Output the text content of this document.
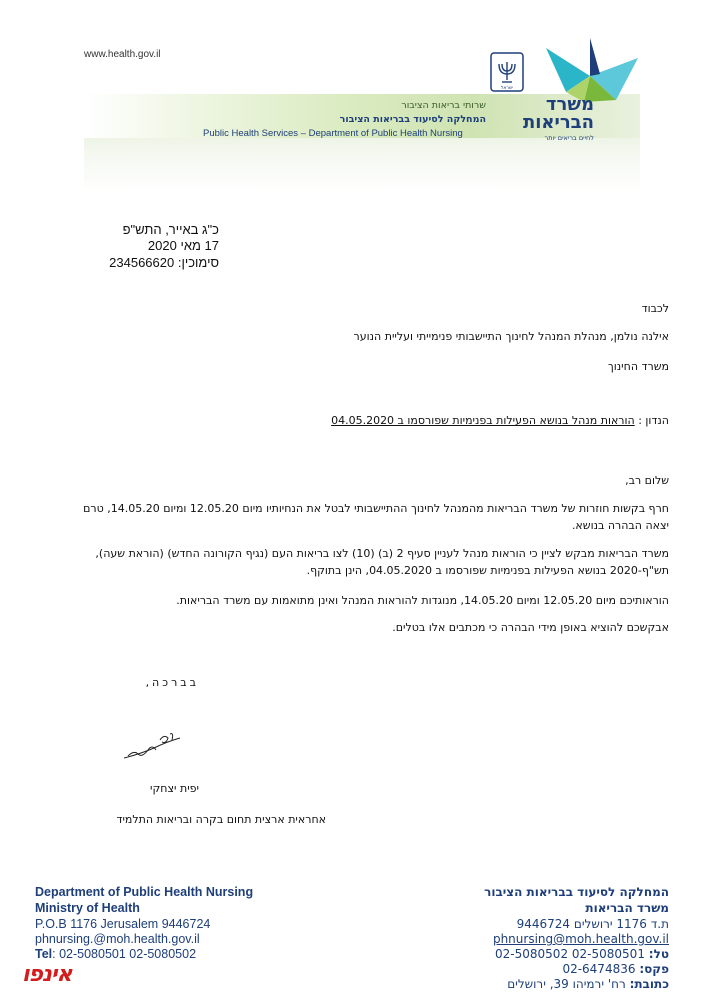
www.health.gov.il
שרותי בריאות הציבור
המחלקה לסיעוד בבריאות הציבור
Public Health Services – Department of Public Health Nursing
ישראל
משרד
הבריאות
לחיים בריאים יותר
כ"ג באייר, התש"פ
17 מאי 2020
סימוכין: 234566620
לכבוד
אילנה נולמן, מנהלת המנהל לחינוך התיישבותי פנימייתי ועליית הנוער
משרד החינוך
הנדון : הוראות מנהל בנושא הפעילות בפנימיות שפורסמו ב 04.05.2020
שלום רב,
חרף בקשות חוזרות של משרד הבריאות מהמנהל לחינוך ההתיישבותי לבטל את הנחיותיו מיום 12.05.20 ומיום 14.05.20, טרם יצאה הבהרה בנושא.
משרד הבריאות מבקש לציין כי הוראות מנהל לעניין סעיף 2 (ב) (10) לצו בריאות העם (נגיף הקורונה החדש) (הוראת שעה), תש"ף-2020 בנושא הפעילות בפנימיות שפורסמו ב 04.05.2020, הינן בתוקף.
הוראותיכם מיום 12.05.20 ומיום 14.05.20, מנוגדות להוראות המנהל ואינן מתואמות עם משרד הבריאות.
אבקשכם להוציא באופן מידי הבהרה כי מכתבים אלו בטלים.
בברכה,
יפית יצחקי
אחראית ארצית תחום בקרה ובריאות התלמיד
Department of Public Health Nursing
Ministry of Health
P.O.B 1176 Jerusalem 9446724
phnursing.@moh.health.gov.il
Tel: 02-5080501 02-5080502
המחלקה לסיעוד בבריאות הציבור
משרד הבריאות
ת.ד 1176 ירושלים 9446724
phnursing@moh.health.gov.il
טל: 02-5080501 02-5080502
פקס: 02-6474836
כתובת: רח' ירמיהו 39, ירושלים
אינפו
